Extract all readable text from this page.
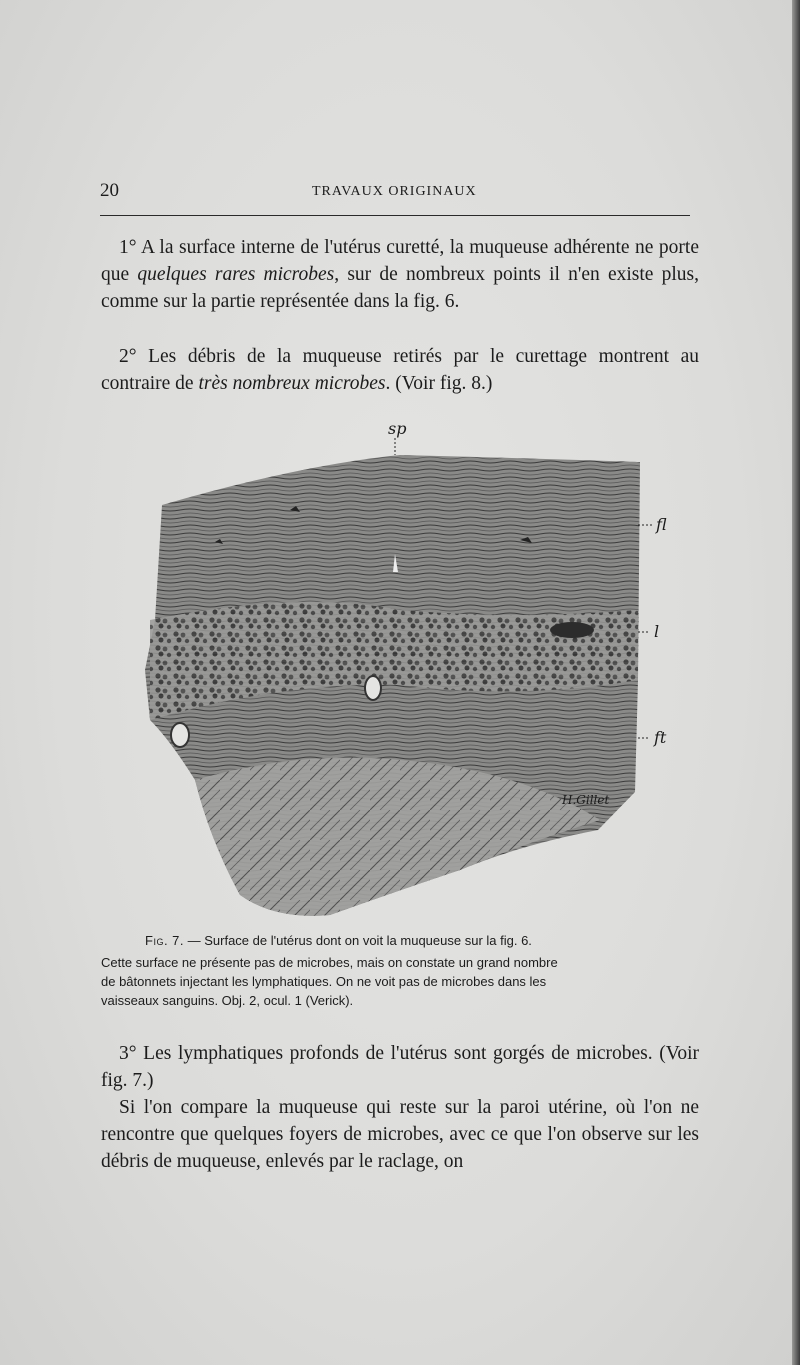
20	TRAVAUX ORIGINAUX

1° A la surface interne de l'utérus curetté, la muqueuse adhérente ne porte que quelques rares microbes, sur de nombreux points il n'en existe plus, comme sur la partie représentée dans la fig. 6.

2° Les débris de la muqueuse retirés par le curettage montrent au contraire de très nombreux microbes. (Voir fig. 8.)

sp
fl
l
ft
H.Gillet

Fig. 7. — Surface de l'utérus dont on voit la muqueuse sur la fig. 6.

Cette surface ne présente pas de microbes, mais on constate un grand nombre
de bâtonnets injectant les lymphatiques. On ne voit pas de microbes dans les
vaisseaux sanguins. Obj. 2, ocul. 1 (Verick).

3° Les lymphatiques profonds de l'utérus sont gorgés de microbes. (Voir fig. 7.)

Si l'on compare la muqueuse qui reste sur la paroi utérine, où l'on ne rencontre que quelques foyers de microbes, avec ce que l'on observe sur les débris de muqueuse, enlevés par le raclage, on
